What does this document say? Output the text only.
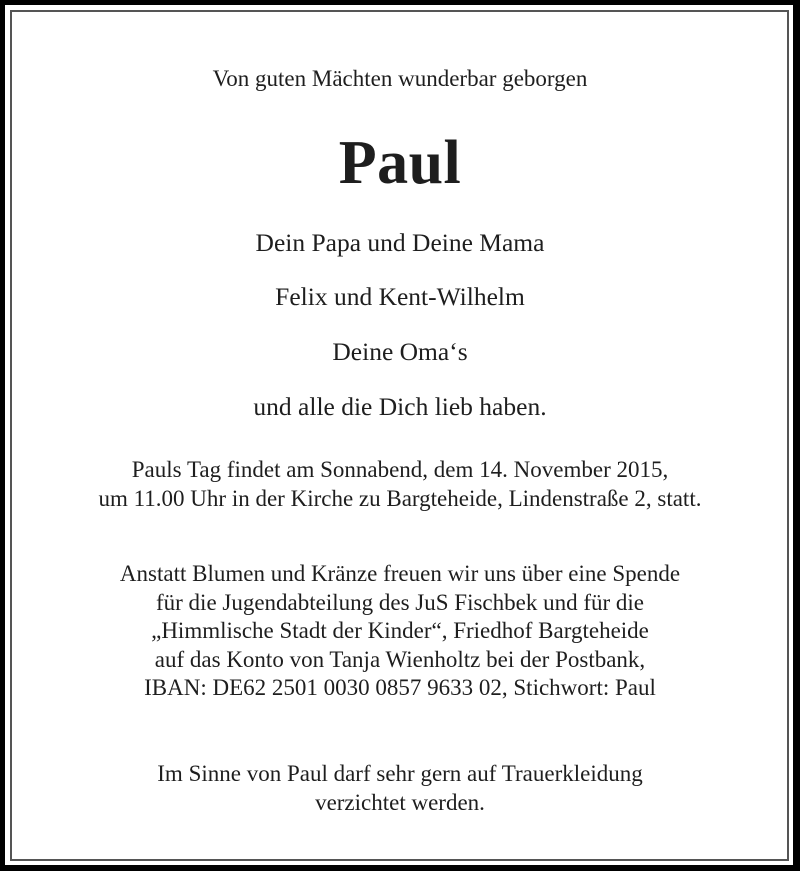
Von guten Mächten wunderbar geborgen
Paul
Dein Papa und Deine Mama
Felix und Kent-Wilhelm
Deine Oma‘s
und alle die Dich lieb haben.
Pauls Tag findet am Sonnabend, dem 14. November 2015,
um 11.00 Uhr in der Kirche zu Bargteheide, Lindenstraße 2, statt.
Anstatt Blumen und Kränze freuen wir uns über eine Spende
für die Jugendabteilung des JuS Fischbek und für die
„Himmlische Stadt der Kinder“, Friedhof Bargteheide
auf das Konto von Tanja Wienholtz bei der Postbank,
IBAN: DE62 2501 0030 0857 9633 02, Stichwort: Paul
Im Sinne von Paul darf sehr gern auf Trauerkleidung
verzichtet werden.
